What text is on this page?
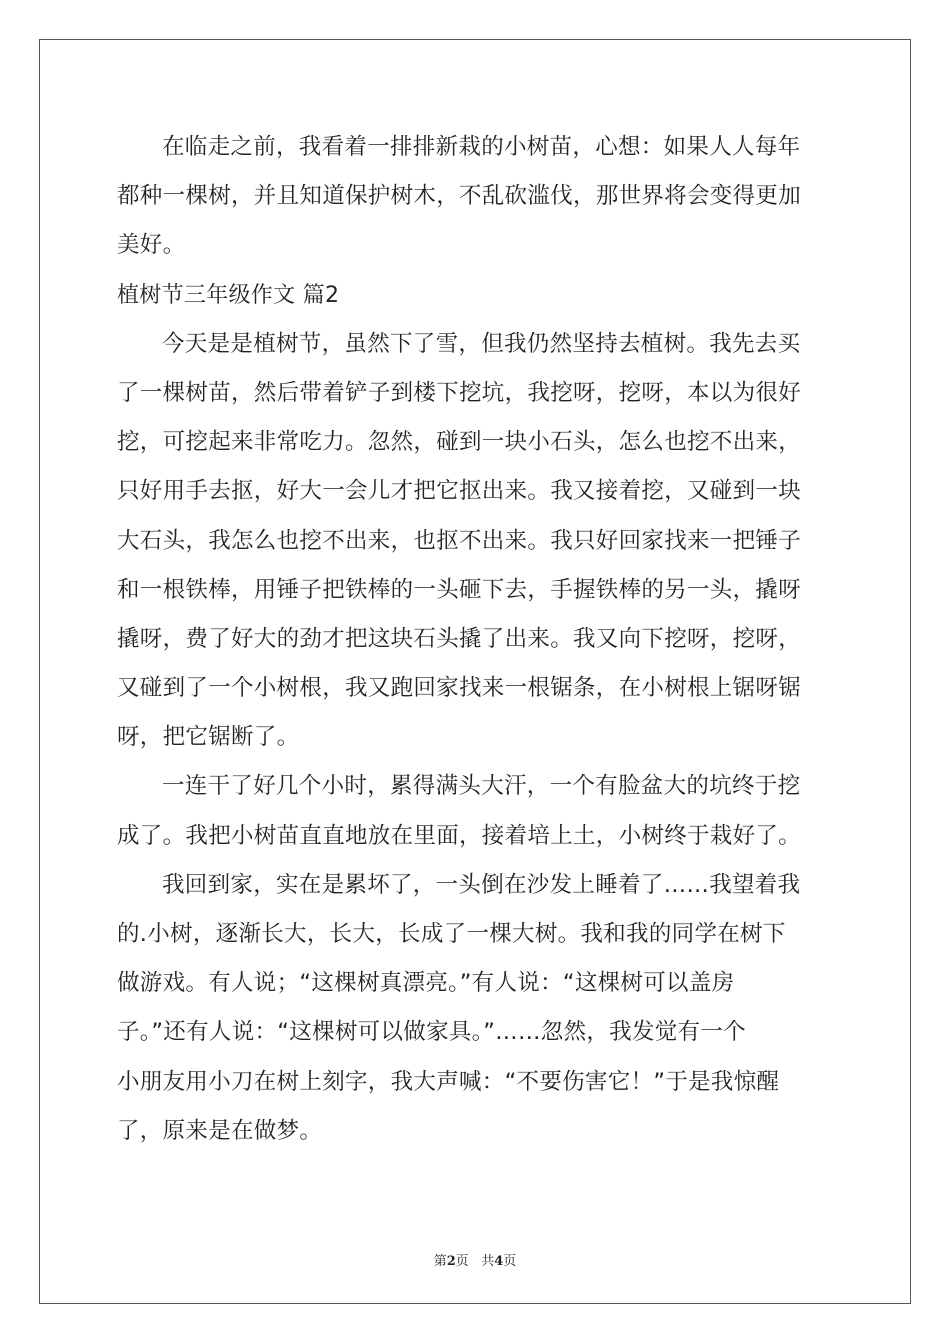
在临走之前，我看着一排排新栽的小树苗，心想：如果人人每年
都种一棵树，并且知道保护树木，不乱砍滥伐，那世界将会变得更加
美好。
植树节三年级作文 篇2
今天是是植树节，虽然下了雪，但我仍然坚持去植树。我先去买
了一棵树苗，然后带着铲子到楼下挖坑，我挖呀，挖呀，本以为很好
挖，可挖起来非常吃力。忽然，碰到一块小石头，怎么也挖不出来，
只好用手去抠，好大一会儿才把它抠出来。我又接着挖，又碰到一块
大石头，我怎么也挖不出来，也抠不出来。我只好回家找来一把锤子
和一根铁棒，用锤子把铁棒的一头砸下去，手握铁棒的另一头，撬呀
撬呀，费了好大的劲才把这块石头撬了出来。我又向下挖呀，挖呀，
又碰到了一个小树根，我又跑回家找来一根锯条，在小树根上锯呀锯
呀，把它锯断了。
一连干了好几个小时，累得满头大汗，一个有脸盆大的坑终于挖
成了。我把小树苗直直地放在里面，接着培上土，小树终于栽好了。
我回到家，实在是累坏了，一头倒在沙发上睡着了……我望着我
的.小树，逐渐长大，长大，长成了一棵大树。我和我的同学在树下
做游戏。有人说；“这棵树真漂亮。”有人说：“这棵树可以盖房
子。”还有人说：“这棵树可以做家具。”……忽然，我发觉有一个
小朋友用小刀在树上刻字，我大声喊：“不要伤害它！”于是我惊醒
了，原来是在做梦。
第2页 共4页
